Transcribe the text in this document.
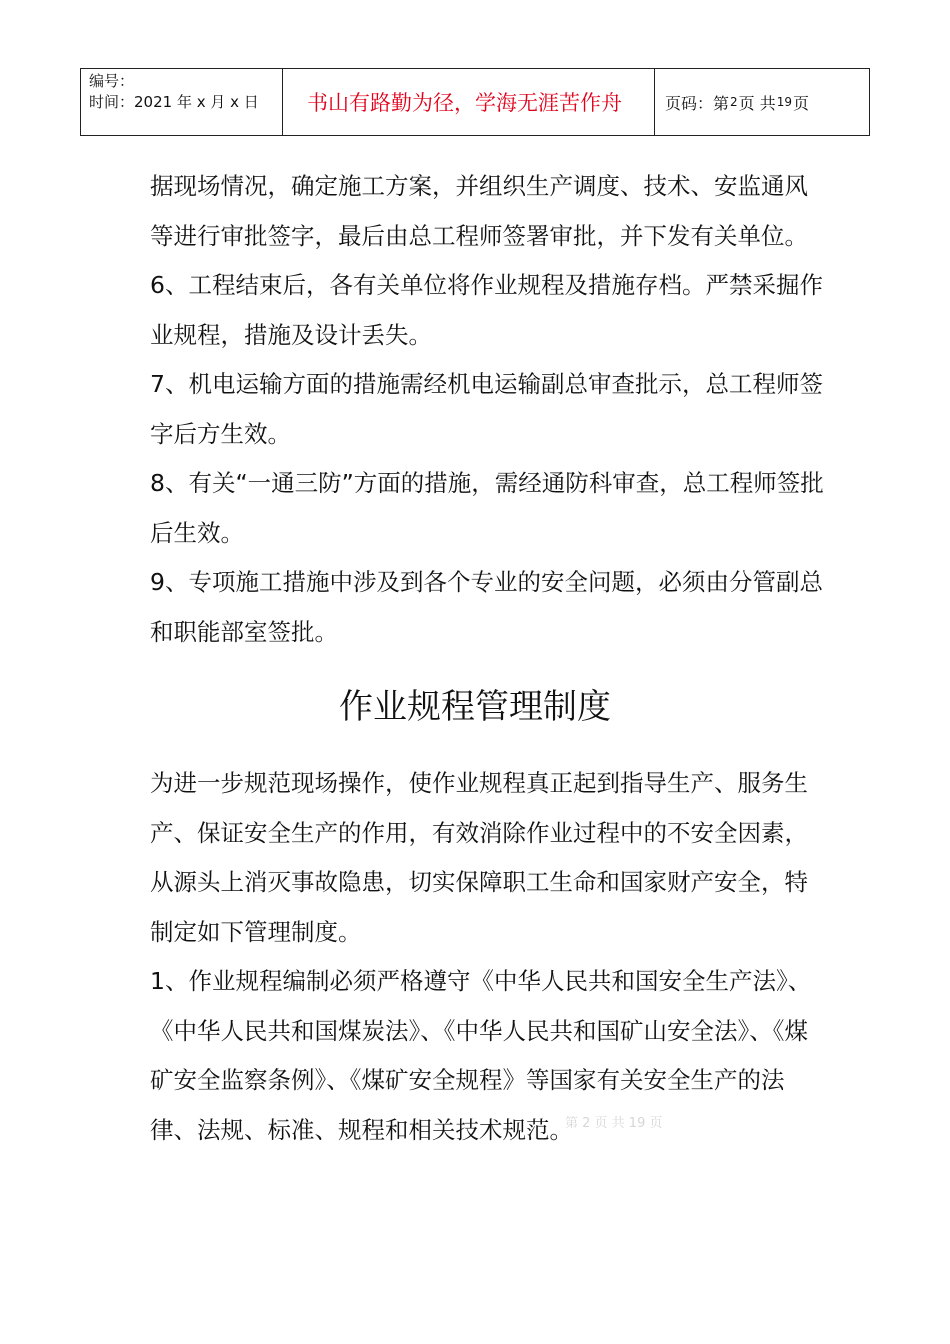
编号：
时间：2021 年 x 月 x 日	书山有路勤为径，学海无涯苦作舟	页码：第 2 页 共 19 页

据现场情况，确定施工方案，并组织生产调度、技术、安监通风等进行审批签字，最后由总工程师签署审批，并下发有关单位。

6、工程结束后，各有关单位将作业规程及措施存档。严禁采掘作业规程，措施及设计丢失。

7、机电运输方面的措施需经机电运输副总审查批示，总工程师签字后方生效。

8、有关“一通三防”方面的措施，需经通防科审查，总工程师签批后生效。

9、专项施工措施中涉及到各个专业的安全问题，必须由分管副总和职能部室签批。

作业规程管理制度

为进一步规范现场操作，使作业规程真正起到指导生产、服务生产、保证安全生产的作用，有效消除作业过程中的不安全因素，从源头上消灭事故隐患，切实保障职工生命和国家财产安全，特制定如下管理制度。

1、作业规程编制必须严格遵守《中华人民共和国安全生产法》、《中华人民共和国煤炭法》、《中华人民共和国矿山安全法》、《煤矿安全监察条例》、《煤矿安全规程》等国家有关安全生产的法律、法规、标准、规程和相关技术规范。

第 2 页 共 19 页
